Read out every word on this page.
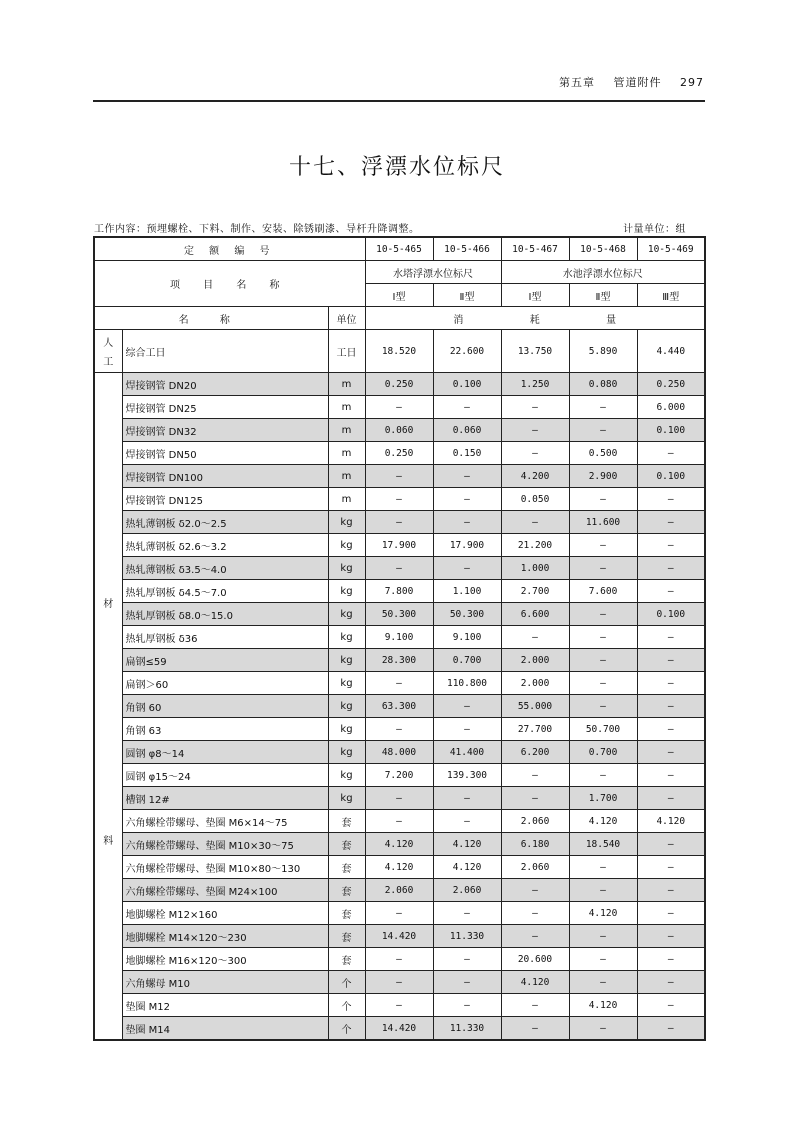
第五章 管道附件 297
十七、浮漂水位标尺
工作内容：预埋螺栓、下料、制作、安装、除锈刷漆、导杆升降调整。	计量单位：组
定 额 编 号			10-5-465	10-5-466	10-5-467	10-5-468	10-5-469
项 目 名 称			水塔浮漂水位标尺		水池浮漂水位标尺		
			Ⅰ型	Ⅱ型	Ⅰ型	Ⅱ型	Ⅲ型
名 称		单位	消 耗 量				

人
工	综合工日	工日	18.520	22.600	13.750	5.890	4.440

材
料	焊接钢管 DN20	m	0.250	0.100	1.250	0.080	0.250
	焊接钢管 DN25	m	—	—	—	—	6.000
	焊接钢管 DN32	m	0.060	0.060	—	—	0.100
	焊接钢管 DN50	m	0.250	0.150	—	0.500	—
	焊接钢管 DN100	m	—	—	4.200	2.900	0.100
	焊接钢管 DN125	m	—	—	0.050	—	—
	热轧薄钢板 δ2.0～2.5	kg	—	—	—	11.600	—
	热轧薄钢板 δ2.6～3.2	kg	17.900	17.900	21.200	—	—
	热轧薄钢板 δ3.5～4.0	kg	—	—	1.000	—	—
	热轧厚钢板 δ4.5～7.0	kg	7.800	1.100	2.700	7.600	—
	热轧厚钢板 δ8.0～15.0	kg	50.300	50.300	6.600	—	0.100
	热轧厚钢板 δ36	kg	9.100	9.100	—	—	—
	扁钢≤59	kg	28.300	0.700	2.000	—	—
	扁钢＞60	kg	—	110.800	2.000	—	—
	角钢 60	kg	63.300	—	55.000	—	—
	角钢 63	kg	—	—	27.700	50.700	—
	圆钢 φ8～14	kg	48.000	41.400	6.200	0.700	—
	圆钢 φ15～24	kg	7.200	139.300	—	—	—
	槽钢 12#	kg	—	—	—	1.700	—
	六角螺栓带螺母、垫圈 M6×14～75	套	—	—	2.060	4.120	4.120
	六角螺栓带螺母、垫圈 M10×30～75	套	4.120	4.120	6.180	18.540	—
	六角螺栓带螺母、垫圈 M10×80～130	套	4.120	4.120	2.060	—	—
	六角螺栓带螺母、垫圈 M24×100	套	2.060	2.060	—	—	—
	地脚螺栓 M12×160	套	—	—	—	4.120	—
	地脚螺栓 M14×120～230	套	14.420	11.330	—	—	—
	地脚螺栓 M16×120～300	套	—	—	20.600	—	—
	六角螺母 M10	个	—	—	4.120	—	—
	垫圈 M12	个	—	—	—	4.120	—
	垫圈 M14	个	14.420	11.330	—	—	—
